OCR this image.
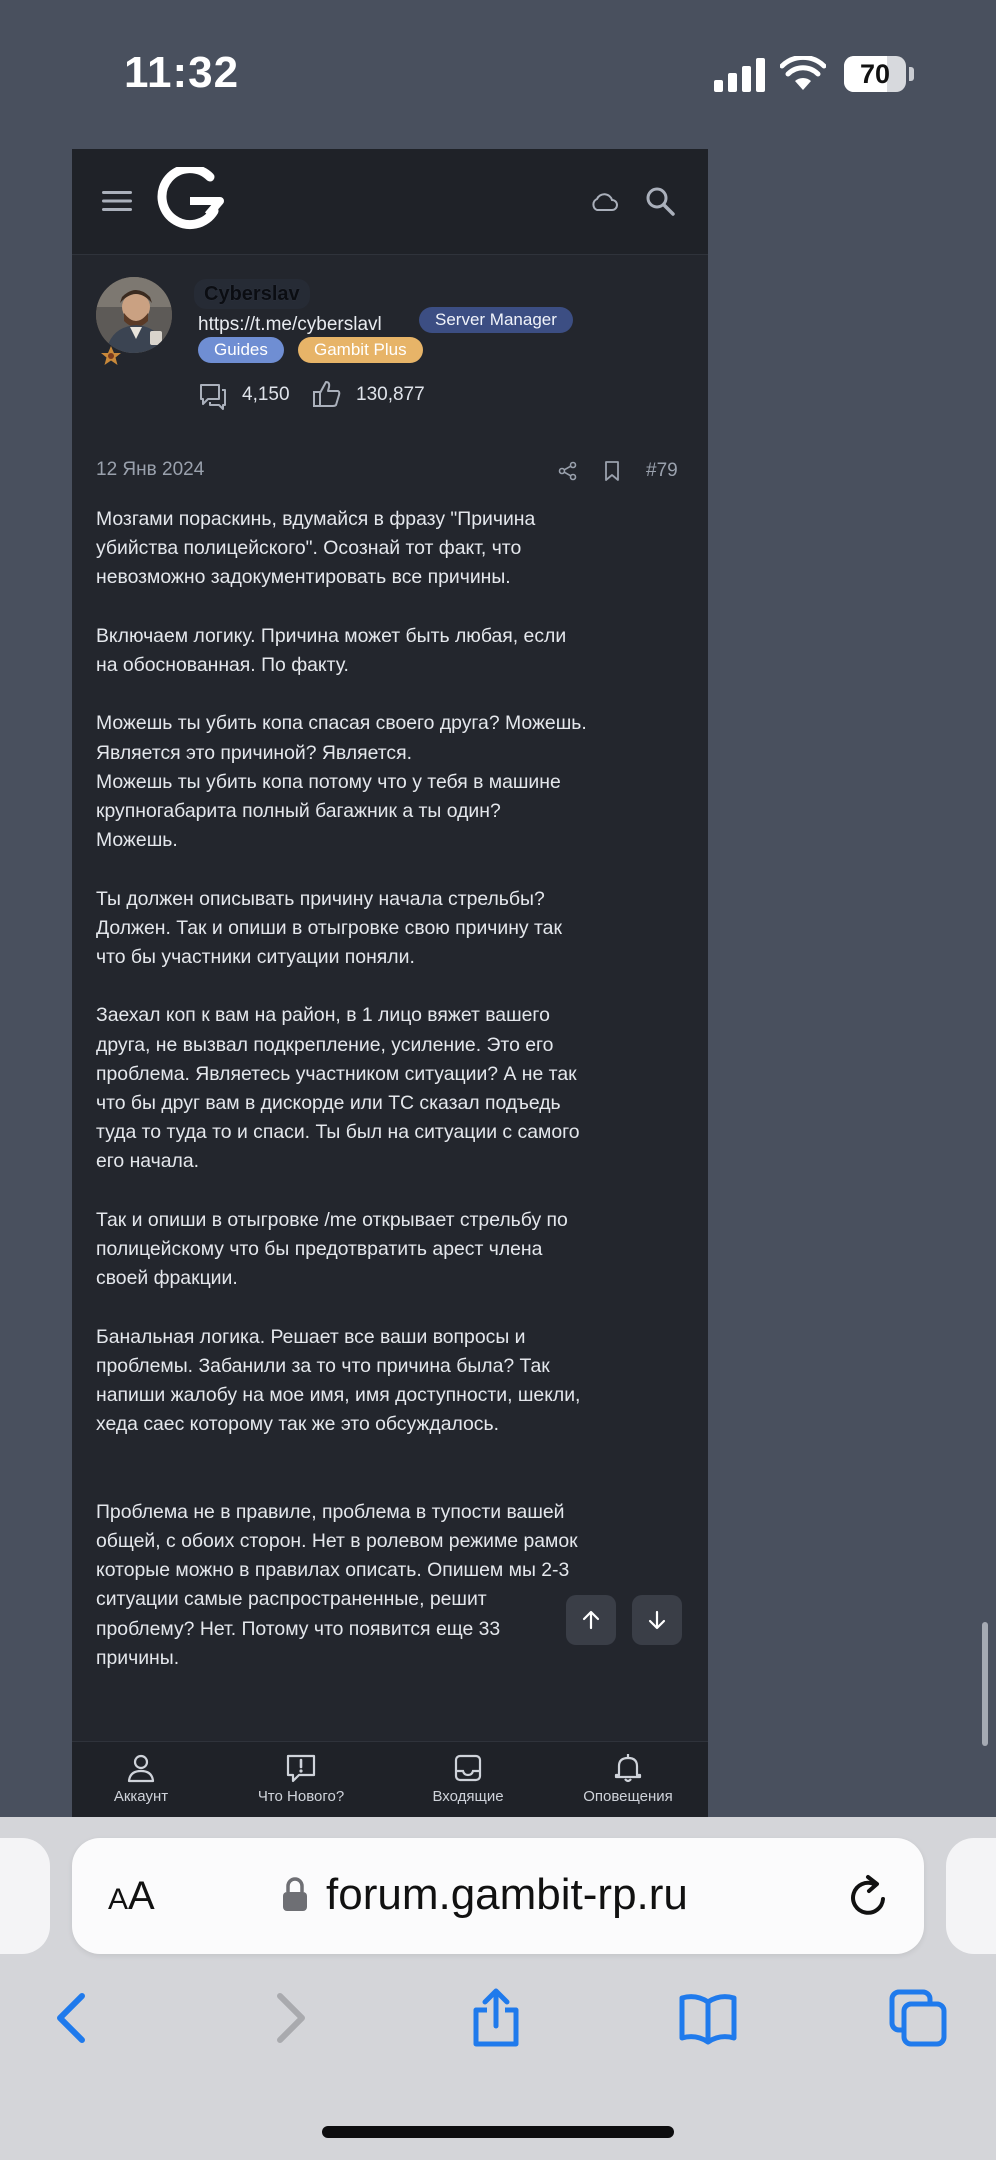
11:32	70
Cyberslav
https://t.me/cyberslavl	Server Manager
Guides	Gambit Plus
4,150	130,877
12 Янв 2024	#79

Мозгами пораскинь, вдумайся в фразу "Причина
убийства полицейского". Осознай тот факт, что
невозможно задокументировать все причины.

Включаем логику. Причина может быть любая, если
на обоснованная. По факту.

Можешь ты убить копа спасая своего друга? Можешь.
Является это причиной? Является.
Можешь ты убить копа потому что у тебя в машине
крупногабарита полный багажник а ты один?
Можешь.

Ты должен описывать причину начала стрельбы?
Должен. Так и опиши в отыгровке свою причину так
что бы участники ситуации поняли.

Заехал коп к вам на район, в 1 лицо вяжет вашего
друга, не вызвал подкрепление, усиление. Это его
проблема. Являетесь участником ситуации? А не так
что бы друг вам в дискорде или ТС сказал подъедь
туда то туда то и спаси. Ты был на ситуации с самого
его начала.

Так и опиши в отыгровке /me открывает стрельбу по
полицейскому что бы предотвратить арест члена
своей фракции.

Банальная логика. Решает все ваши вопросы и
проблемы. Забанили за то что причина была? Так
напиши жалобу на мое имя, имя доступности, шекли,
хеда саес которому так же это обсуждалось.

Проблема не в правиле, проблема в тупости вашей
общей, с обоих сторон. Нет в ролевом режиме рамок
которые можно в правилах описать. Опишем мы 2-3
ситуации самые распространенные, решит
проблему? Нет. Потому что появится еще 33
причины.

Аккаунт	Что Нового?	Входящие	Оповещения
AA	forum.gambit-rp.ru
